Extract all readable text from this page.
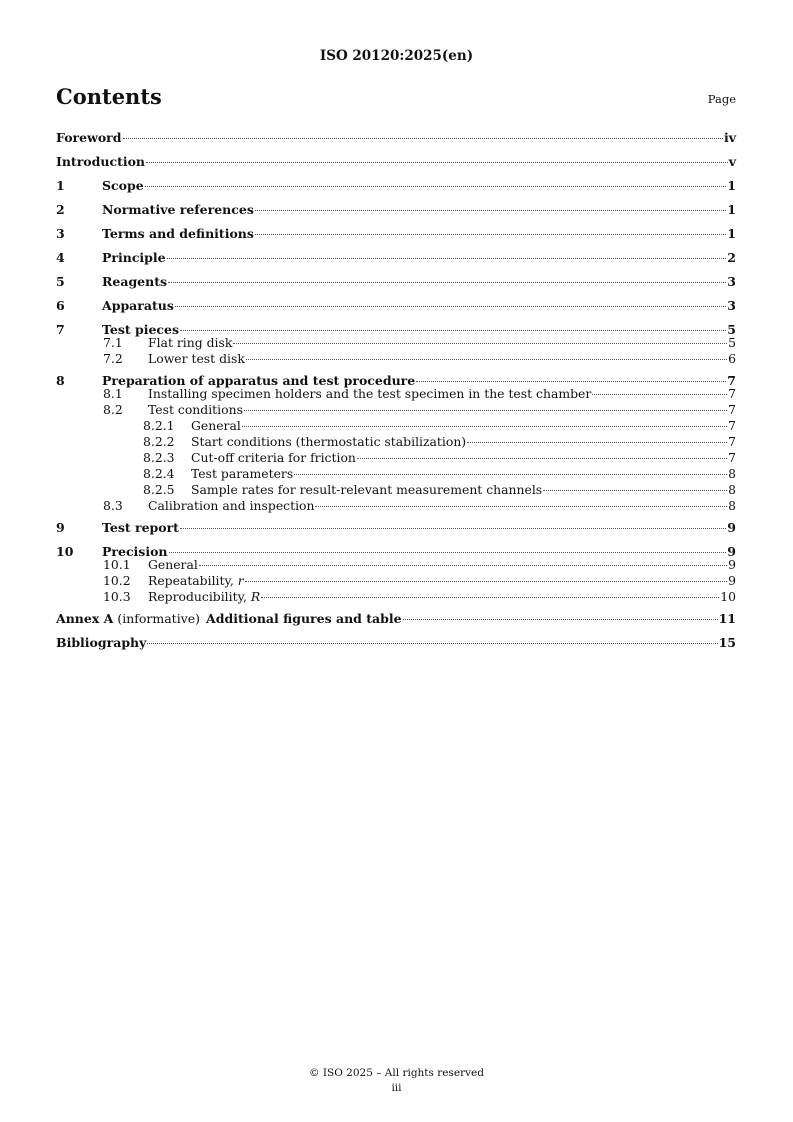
ISO 20120:2025(en)
Contents	Page
Foreword	iv
Introduction	v
1	Scope	1
2	Normative references	1
3	Terms and definitions	1
4	Principle	2
5	Reagents	3
6	Apparatus	3
7	Test pieces	5
7.1	Flat ring disk	5
7.2	Lower test disk	6
8	Preparation of apparatus and test procedure	7
8.1	Installing specimen holders and the test specimen in the test chamber	7
8.2	Test conditions	7
8.2.1	General	7
8.2.2	Start conditions (thermostatic stabilization)	7
8.2.3	Cut-off criteria for friction	7
8.2.4	Test parameters	8
8.2.5	Sample rates for result-relevant measurement channels	8
8.3	Calibration and inspection	8
9	Test report	9
10	Precision	9
10.1	General	9
10.2	Repeatability, r	9
10.3	Reproducibility, R	10
Annex A (informative) Additional figures and table	11
Bibliography	15
© ISO 2025 – All rights reserved
iii
